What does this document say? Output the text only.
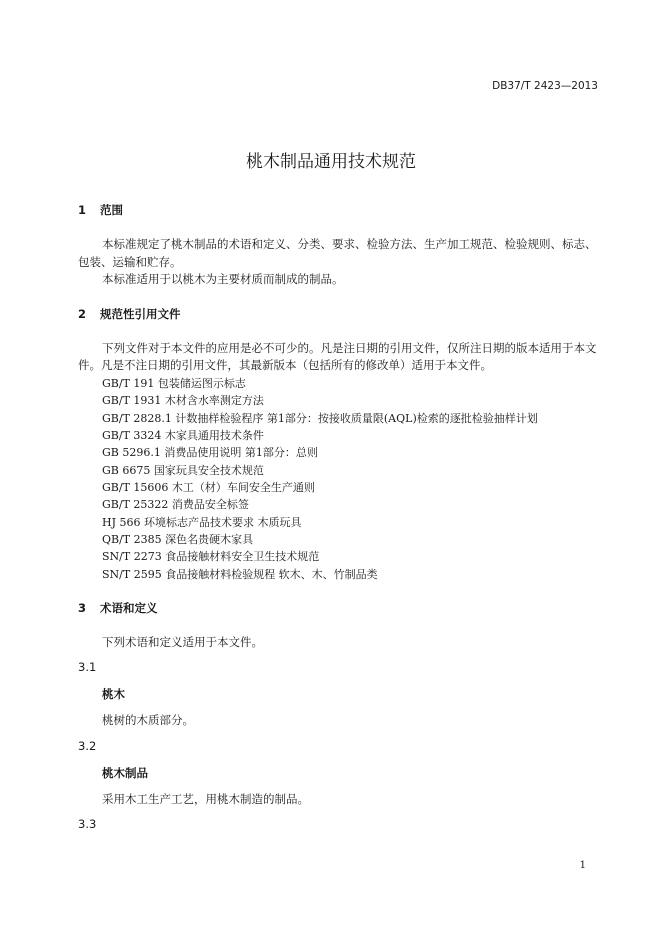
DB37/T 2423—2013
桃木制品通用技术规范
1 范围
本标准规定了桃木制品的术语和定义、分类、要求、检验方法、生产加工规范、检验规则、标志、
包装、运输和贮存。
本标准适用于以桃木为主要材质而制成的制品。
2 规范性引用文件
下列文件对于本文件的应用是必不可少的。凡是注日期的引用文件，仅所注日期的版本适用于本文
件。凡是不注日期的引用文件，其最新版本（包括所有的修改单）适用于本文件。
GB/T 191 包装储运图示标志
GB/T 1931 木材含水率测定方法
GB/T 2828.1 计数抽样检验程序 第1部分：按接收质量限(AQL)检索的逐批检验抽样计划
GB/T 3324 木家具通用技术条件
GB 5296.1 消费品使用说明 第1部分：总则
GB 6675 国家玩具安全技术规范
GB/T 15606 木工（材）车间安全生产通则
GB/T 25322 消费品安全标签
HJ 566 环境标志产品技术要求 木质玩具
QB/T 2385 深色名贵硬木家具
SN/T 2273 食品接触材料安全卫生技术规范
SN/T 2595 食品接触材料检验规程 软木、木、竹制品类
3 术语和定义
下列术语和定义适用于本文件。
3.1
桃木
桃树的木质部分。
3.2
桃木制品
采用木工生产工艺，用桃木制造的制品。
3.3
1
